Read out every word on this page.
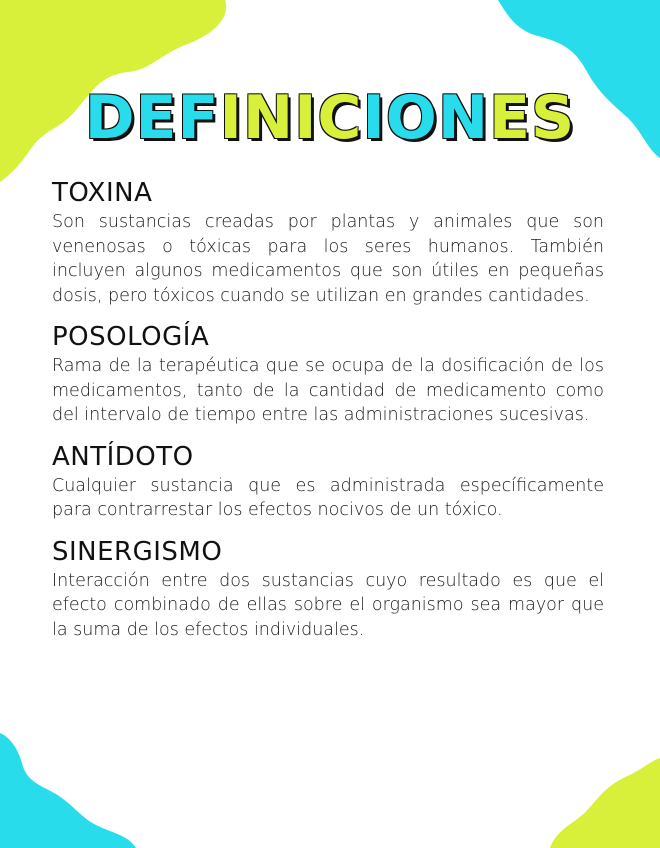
DEFINICIONES
TOXINA

Son sustancias creadas por plantas y animales que son venenosas o tóxicas para los seres humanos. También incluyen algunos medicamentos que son útiles en pequeñas dosis, pero tóxicos cuando se utilizan en grandes cantidades.

POSOLOGÍA

Rama de la terapéutica que se ocupa de la dosificación de los medicamentos, tanto de la cantidad de medicamento como del intervalo de tiempo entre las administraciones sucesivas.

ANTÍDOTO

Cualquier sustancia que es administrada específicamente para contrarrestar los efectos nocivos de un tóxico.

SINERGISMO

Interacción entre dos sustancias cuyo resultado es que el efecto combinado de ellas sobre el organismo sea mayor que la suma de los efectos individuales.
